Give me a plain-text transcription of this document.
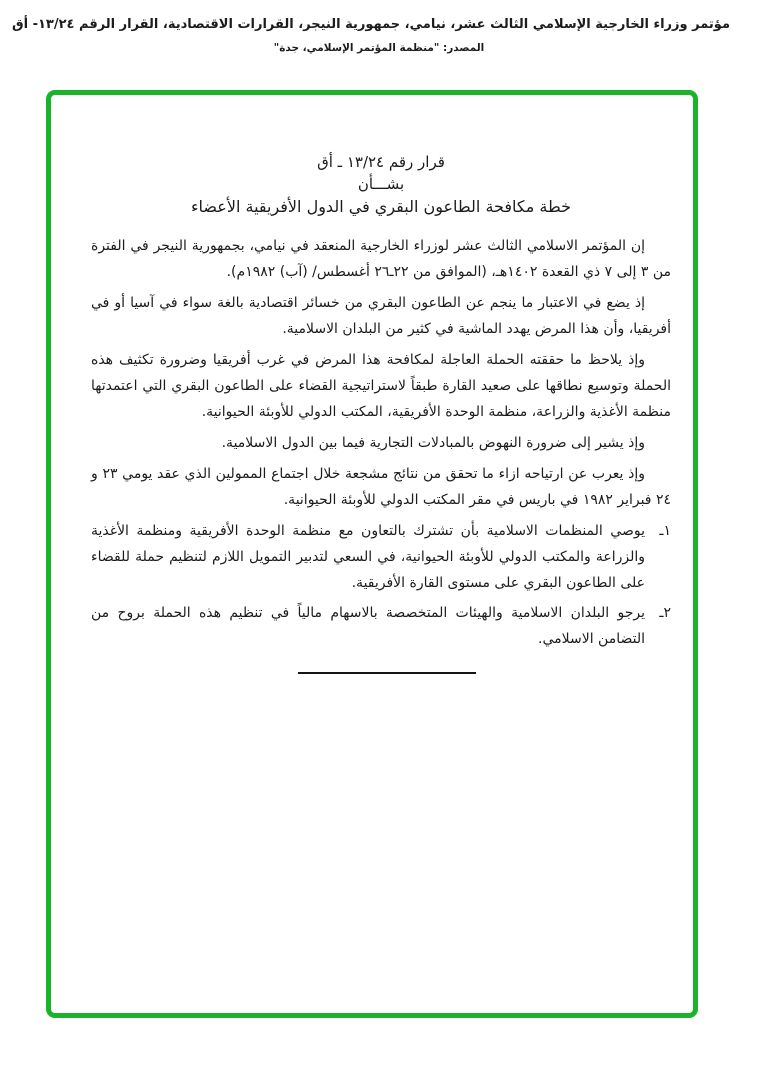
مؤتمر وزراء الخارجية الإسلامي الثالث عشر، نيامي، جمهورية النيجر، القرارات الاقتصادية، القرار الرقم ١٣/٢٤- أق
المصدر: "منظمة المؤتمر الإسلامي، جدة"
قرار رقم ١٣/٢٤ ـ أق
بشـــأن
خطة مكافحة الطاعون البقري في الدول الأفريقية الأعضاء

إن المؤتمر الاسلامي الثالث عشر لوزراء الخارجية المنعقد في نيامي، بجمهورية النيجر في الفترة من ٣ إلى ٧ ذي القعدة ١٤٠٢هـ، (الموافق من ٢٢ـ٢٦ أغسطس/ (آب) ١٩٨٢م).

إذ يضع في الاعتبار ما ينجم عن الطاعون البقري من خسائر اقتصادية بالغة سواء في آسيا أو في أفريقيا، وأن هذا المرض يهدد الماشية في كثير من البلدان الاسلامية.

وإذ يلاحظ ما حققته الحملة العاجلة لمكافحة هذا المرض في غرب أفريقيا وضرورة تكثيف هذه الحملة وتوسيع نطاقها على صعيد القارة طبقاً لاستراتيجية القضاء على الطاعون البقري التي اعتمدتها منظمة الأغذية والزراعة، منظمة الوحدة الأفريقية، المكتب الدولي للأوبئة الحيوانية.

وإذ يشير إلى ضرورة النهوض بالمبادلات التجارية فيما بين الدول الاسلامية.

وإذ يعرب عن ارتياحه ازاء ما تحقق من نتائج مشجعة خلال اجتماع الممولين الذي عقد يومي ٢٣ و ٢٤ فبراير ١٩٨٢ في باريس في مقر المكتب الدولي للأوبئة الحيوانية.

١ـ
يوصي المنظمات الاسلامية بأن تشترك بالتعاون مع منظمة الوحدة الأفريقية ومنظمة الأغذية والزراعة والمكتب الدولي للأوبئة الحيوانية، في السعي لتدبير التمويل اللازم لتنظيم حملة للقضاء على الطاعون البقري على مستوى القارة الأفريقية.
٢ـ
يرجو البلدان الاسلامية والهيئات المتخصصة بالاسهام مالياً في تنظيم هذه الحملة بروح من التضامن الاسلامي.
